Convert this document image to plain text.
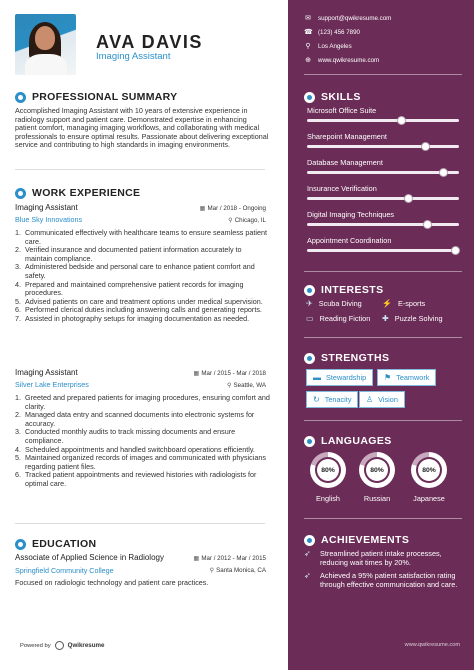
AVA DAVIS
Imaging Assistant
PROFESSIONAL SUMMARY
Accomplished Imaging Assistant with 10 years of extensive experience in radiology support and patient care. Demonstrated expertise in enhancing patient comfort, managing imaging workflows, and collaborating with medical professionals to ensure optimal results. Passionate about delivering exceptional service and contributing to high standards in imaging environments.
WORK EXPERIENCE
Imaging Assistant	▦ Mar / 2018 - Ongoing
Blue Sky Innovations	⚲ Chicago, IL
1. Communicated effectively with healthcare teams to ensure seamless patient care.
2. Verified insurance and documented patient information accurately to maintain compliance.
3. Administered bedside and personal care to enhance patient comfort and safety.
4. Prepared and maintained comprehensive patient records for imaging procedures.
5. Advised patients on care and treatment options under medical supervision.
6. Performed clerical duties including answering calls and generating reports.
7. Assisted in photography setups for imaging documentation as needed.
Imaging Assistant	▦ Mar / 2015 - Mar / 2018
Silver Lake Enterprises	⚲ Seattle, WA
1. Greeted and prepared patients for imaging procedures, ensuring comfort and clarity.
2. Managed data entry and scanned documents into electronic systems for accuracy.
3. Conducted monthly audits to track missing documents and ensure compliance.
4. Scheduled appointments and handled switchboard operations efficiently.
5. Maintained organized records of images and communicated with physicians regarding patient files.
6. Tracked patient appointments and reviewed histories with radiologists for optimal care.
EDUCATION
Associate of Applied Science in Radiology	▦ Mar / 2012 - Mar / 2015
Springfield Community College	⚲ Santa Monica, CA
Focused on radiologic technology and patient care practices.
Powered by	Qwikresume
✉ support@qwikresume.com
☎ (123) 456 7890
⚲ Los Angeles
⊕ www.qwikresume.com
SKILLS
Microsoft Office Suite
Sharepoint Management
Database Management
Insurance Verification
Digital Imaging Techniques
Appointment Coordination
INTERESTS
✈ Scuba Diving	⚡ E-sports
▭ Reading Fiction ✚ Puzzle Solving
STRENGTHS
▬ Stewardship ⚑ Teamwork
↻ Tenacity ♙ Vision
LANGUAGES
80%
English
80%
Russian
80%
Japanese
ACHIEVEMENTS
➶	Streamlined patient intake processes, reducing wait times by 20%.
➶	Achieved a 95% patient satisfaction rating through effective communication and care.
www.qwikresume.com
